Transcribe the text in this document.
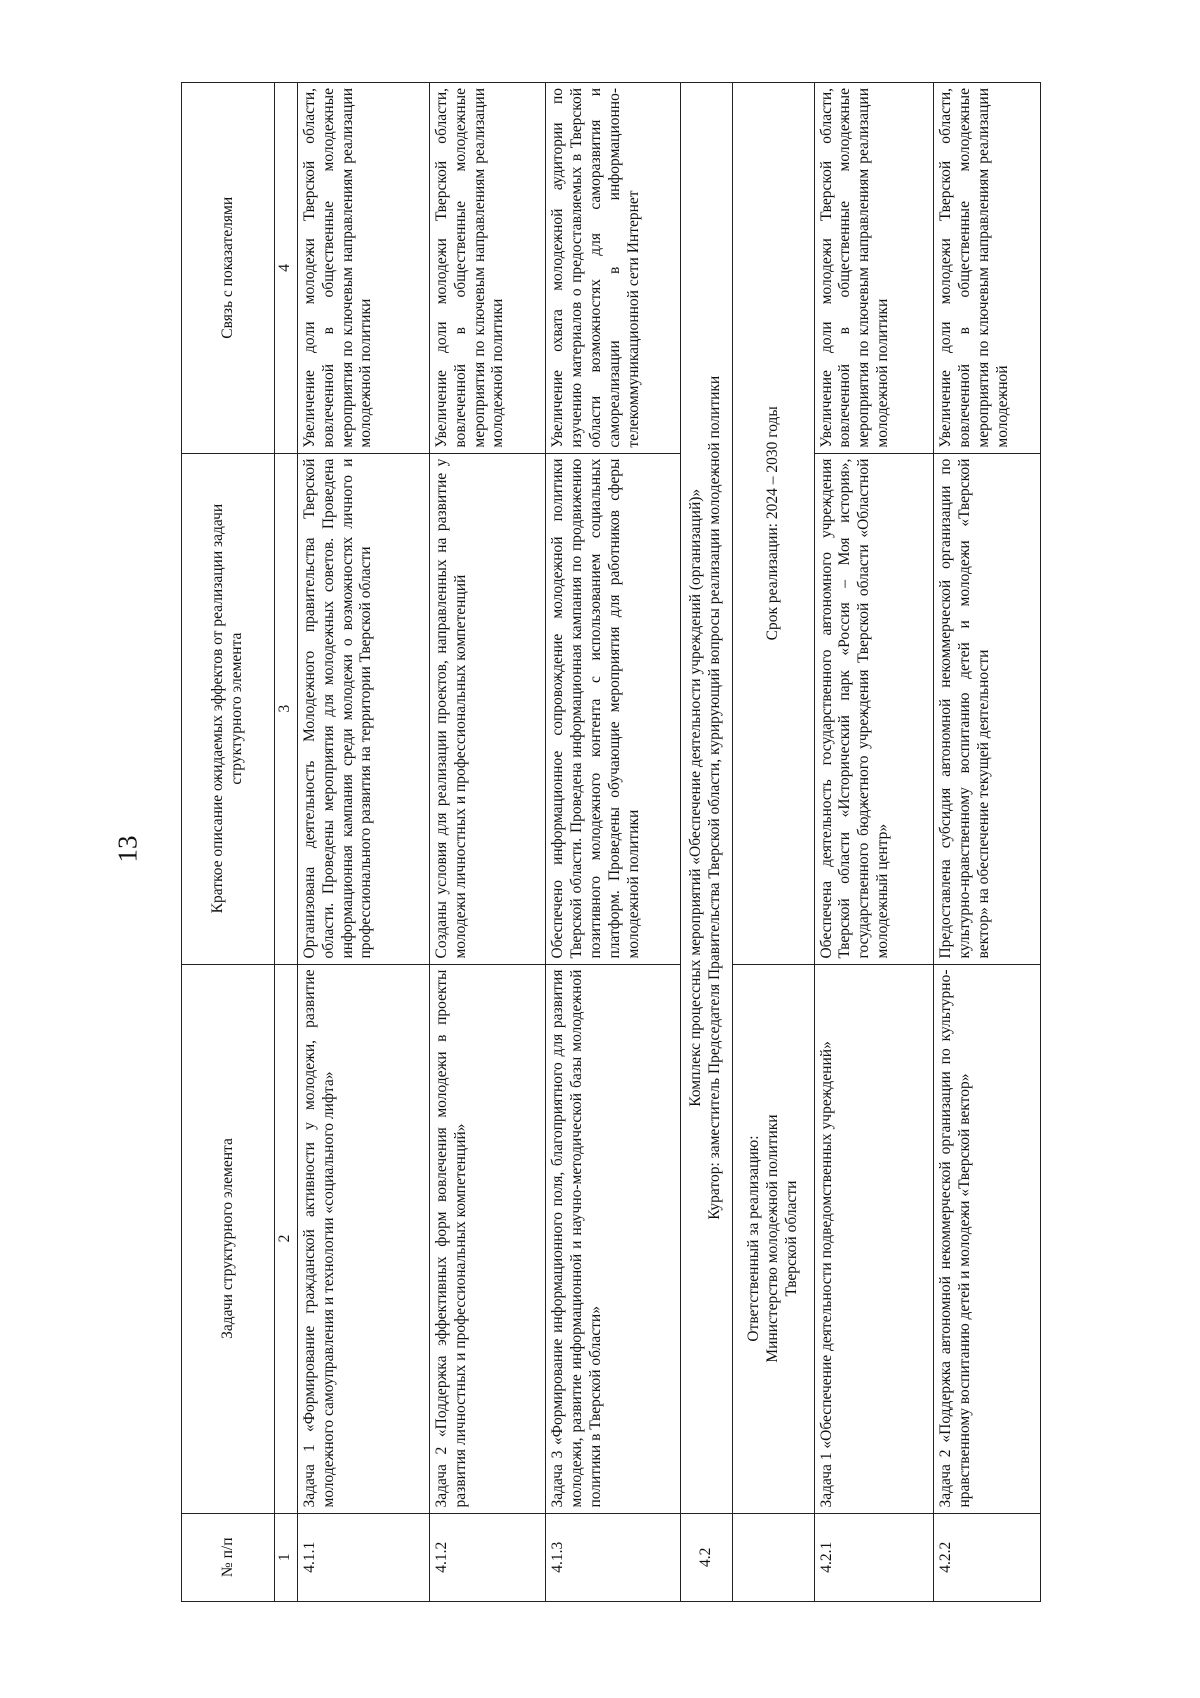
13
№ п/п	Задачи структурного элемента	Краткое описание ожидаемых эффектов от реализации задачи структурного элемента	Связь с показателями
1	2	3	4
4.1.1	Задача 1 «Формирование гражданской активности у молодежи, развитие молодежного самоуправления и технологии «социального лифта»	Организована деятельность Молодежного правительства Тверской области. Проведены мероприятия для молодежных советов. Проведена информационная кампания среди молодежи о возможностях личного и профессионального развития на территории Тверской области	Увеличение доли молодежи Тверской области, вовлеченной в общественные молодежные мероприятия по ключевым направлениям реализации молодежной политики
4.1.2	Задача 2 «Поддержка эффективных форм вовлечения молодежи в проекты развития личностных и профессиональных компетенций»	Созданы условия для реализации проектов, направленных на развитие у молодежи личностных и профессиональных компетенций	Увеличение доли молодежи Тверской области, вовлеченной в общественные молодежные мероприятия по ключевым направлениям реализации молодежной политики
4.1.3	Задача 3 «Формирование информационного поля, благоприятного для развития молодежи, развитие информационной и научно-методической базы молодежной политики в Тверской области»	Обеспечено информационное сопровождение молодежной политики Тверской области. Проведена информационная кампания по продвижению позитивного молодежного контента с использованием социальных платформ. Проведены обучающие мероприятия для работников сферы молодежной политики	Увеличение охвата молодежной аудитории по изучению материалов о предоставляемых в Тверской области возможностях для саморазвития и самореализации в информационно-телекоммуникационной сети Интернет
4.2	Комплекс процессных мероприятий «Обеспечение деятельности учреждений (организаций)» Куратор: заместитель Председателя Правительства Тверской области, курирующий вопросы реализации молодежной политики		

	Ответственный за реализацию: Министерство молодежной политики Тверской области	Срок реализации: 2024 – 2030 годы	
4.2.1	Задача 1 «Обеспечение деятельности подведомственных учреждений»	Обеспечена деятельность государственного автономного учреждения Тверской области «Исторический парк «Россия – Моя история», государственного бюджетного учреждения Тверской области «Областной молодежный центр»	Увеличение доли молодежи Тверской области, вовлеченной в общественные молодежные мероприятия по ключевым направлениям реализации молодежной политики
4.2.2	Задача 2 «Поддержка автономной некоммерческой организации по культурно-нравственному воспитанию детей и молодежи «Тверской вектор»	Предоставлена субсидия автономной некоммерческой организации по культурно-нравственному воспитанию детей и молодежи «Тверской вектор» на обеспечение текущей деятельности	Увеличение доли молодежи Тверской области, вовлеченной в общественные молодежные мероприятия по ключевым направлениям реализации молодежной
